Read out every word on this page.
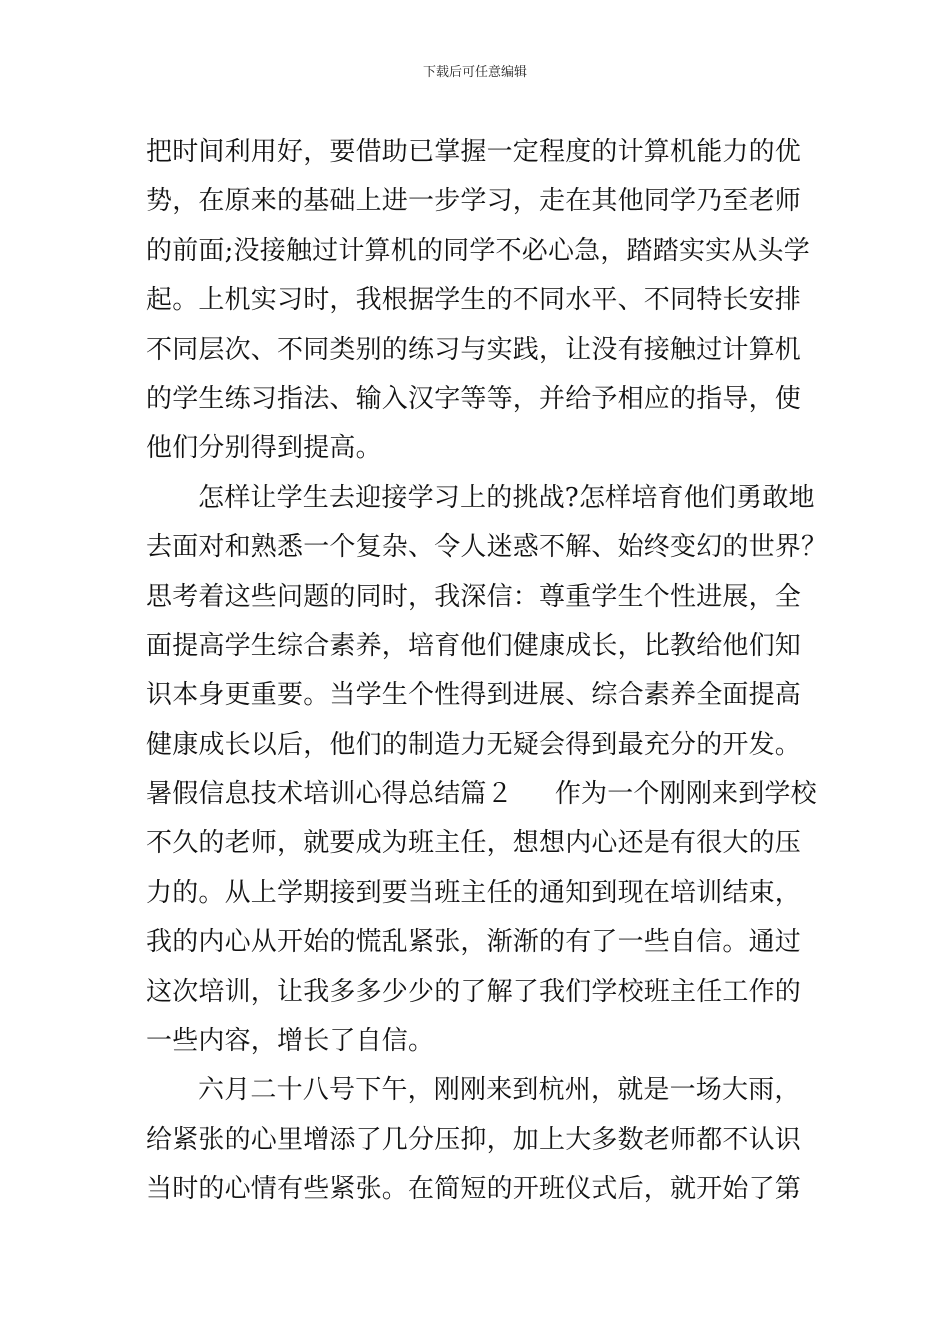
下载后可任意编辑
把时间利用好，要借助已掌握一定程度的计算机能力的优
势，在原来的基础上进一步学习，走在其他同学乃至老师
的前面;没接触过计算机的同学不必心急，踏踏实实从头学
起。上机实习时，我根据学生的不同水平、不同特长安排
不同层次、不同类别的练习与实践，让没有接触过计算机
的学生练习指法、输入汉字等等，并给予相应的指导，使
他们分别得到提高。
怎样让学生去迎接学习上的挑战?怎样培育他们勇敢地
去面对和熟悉一个复杂、令人迷惑不解、始终变幻的世界？
思考着这些问题的同时，我深信：尊重学生个性进展，全
面提高学生综合素养，培育他们健康成长，比教给他们知
识本身更重要。当学生个性得到进展、综合素养全面提高
健康成长以后，他们的制造力无疑会得到最充分的开发。
暑假信息技术培训心得总结篇２ 作为一个刚刚来到学校
不久的老师，就要成为班主任，想想内心还是有很大的压
力的。从上学期接到要当班主任的通知到现在培训结束，
我的内心从开始的慌乱紧张，渐渐的有了一些自信。通过
这次培训，让我多多少少的了解了我们学校班主任工作的
一些内容，增长了自信。
六月二十八号下午，刚刚来到杭州，就是一场大雨，
给紧张的心里增添了几分压抑，加上大多数老师都不认识
当时的心情有些紧张。在简短的开班仪式后，就开始了第
